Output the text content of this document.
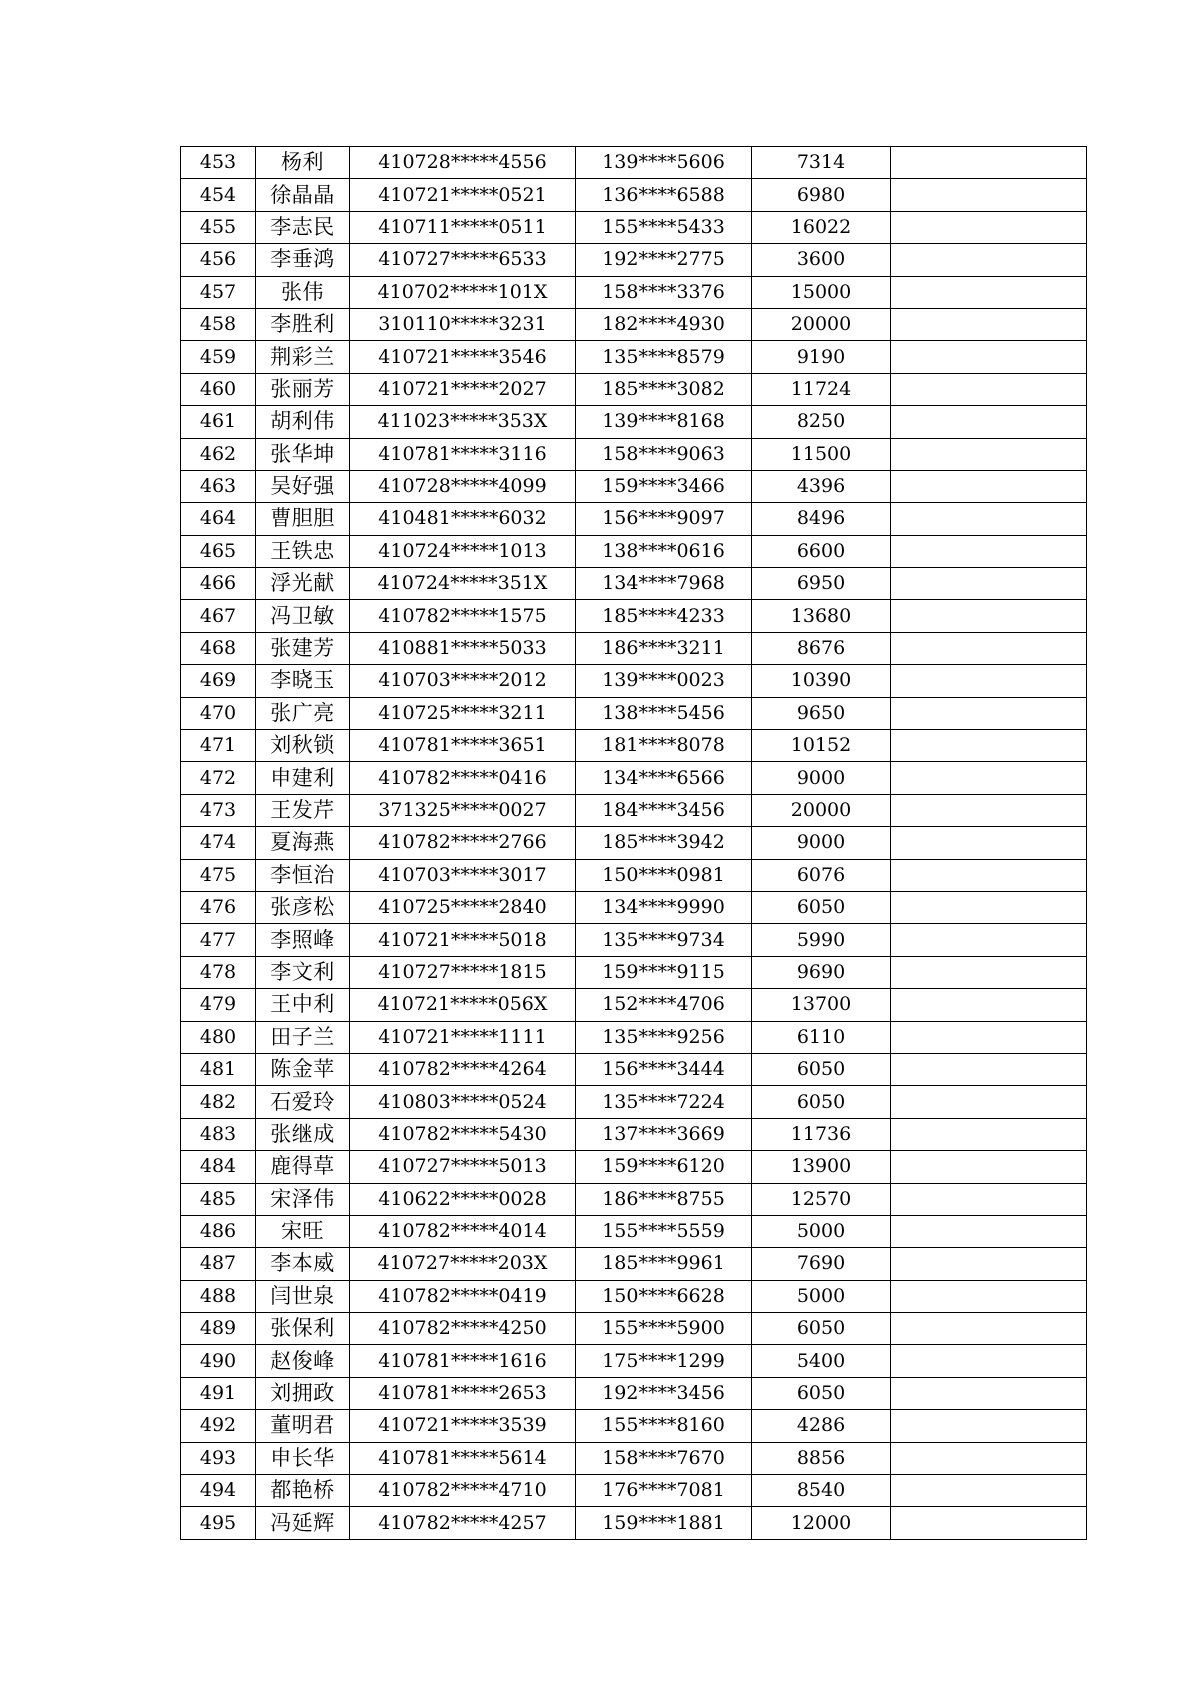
453	杨利	410728*****4556	139****5606	7314	
454	徐晶晶	410721*****0521	136****6588	6980	
455	李志民	410711*****0511	155****5433	16022	
456	李垂鸿	410727*****6533	192****2775	3600	
457	张伟	410702*****101X	158****3376	15000	
458	李胜利	310110*****3231	182****4930	20000	
459	荆彩兰	410721*****3546	135****8579	9190	
460	张丽芳	410721*****2027	185****3082	11724	
461	胡利伟	411023*****353X	139****8168	8250	
462	张华坤	410781*****3116	158****9063	11500	
463	吴好强	410728*****4099	159****3466	4396	
464	曹胆胆	410481*****6032	156****9097	8496	
465	王铁忠	410724*****1013	138****0616	6600	
466	浮光献	410724*****351X	134****7968	6950	
467	冯卫敏	410782*****1575	185****4233	13680	
468	张建芳	410881*****5033	186****3211	8676	
469	李晓玉	410703*****2012	139****0023	10390	
470	张广亮	410725*****3211	138****5456	9650	
471	刘秋锁	410781*****3651	181****8078	10152	
472	申建利	410782*****0416	134****6566	9000	
473	王发芹	371325*****0027	184****3456	20000	
474	夏海燕	410782*****2766	185****3942	9000	
475	李恒治	410703*****3017	150****0981	6076	
476	张彦松	410725*****2840	134****9990	6050	
477	李照峰	410721*****5018	135****9734	5990	
478	李文利	410727*****1815	159****9115	9690	
479	王中利	410721*****056X	152****4706	13700	
480	田子兰	410721*****1111	135****9256	6110	
481	陈金苹	410782*****4264	156****3444	6050	
482	石爱玲	410803*****0524	135****7224	6050	
483	张继成	410782*****5430	137****3669	11736	
484	鹿得草	410727*****5013	159****6120	13900	
485	宋泽伟	410622*****0028	186****8755	12570	
486	宋旺	410782*****4014	155****5559	5000	
487	李本威	410727*****203X	185****9961	7690	
488	闫世泉	410782*****0419	150****6628	5000	
489	张保利	410782*****4250	155****5900	6050	
490	赵俊峰	410781*****1616	175****1299	5400	
491	刘拥政	410781*****2653	192****3456	6050	
492	董明君	410721*****3539	155****8160	4286	
493	申长华	410781*****5614	158****7670	8856	
494	都艳桥	410782*****4710	176****7081	8540	
495	冯延辉	410782*****4257	159****1881	12000	
